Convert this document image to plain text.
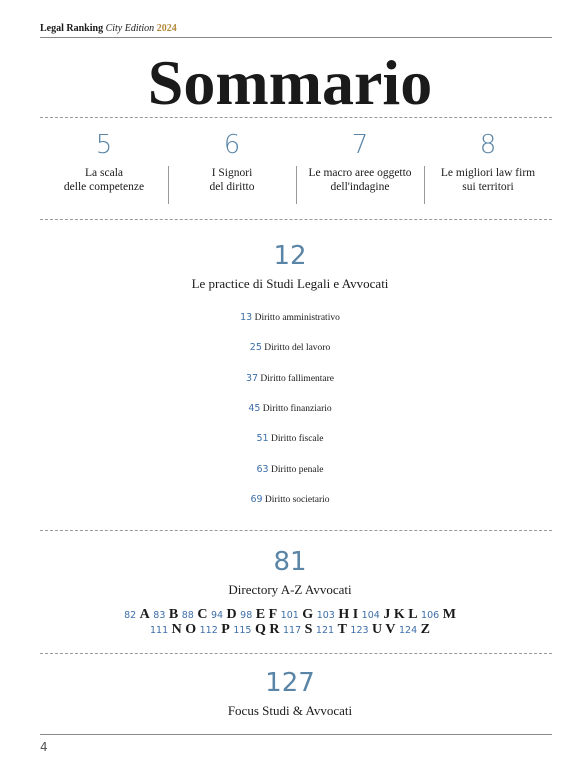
Legal Ranking City Edition 2024
Sommario
5
La scala
delle competenze
6
I Signori
del diritto
7
Le macro aree oggetto
dell'indagine
8
Le migliori law firm
sui territori
12
Le practice di Studi Legali e Avvocati
13 Diritto amministrativo
25 Diritto del lavoro
37 Diritto fallimentare
45 Diritto finanziario
51 Diritto fiscale
63 Diritto penale
69 Diritto societario
81
Directory A-Z Avvocati
82 A 83 B 88 C 94 D 98 E F 101 G 103 H I 104 J K L 106 M
111 N O 112 P 115 Q R 117 S 121 T 123 U V 124 Z
127
Focus Studi & Avvocati
4
